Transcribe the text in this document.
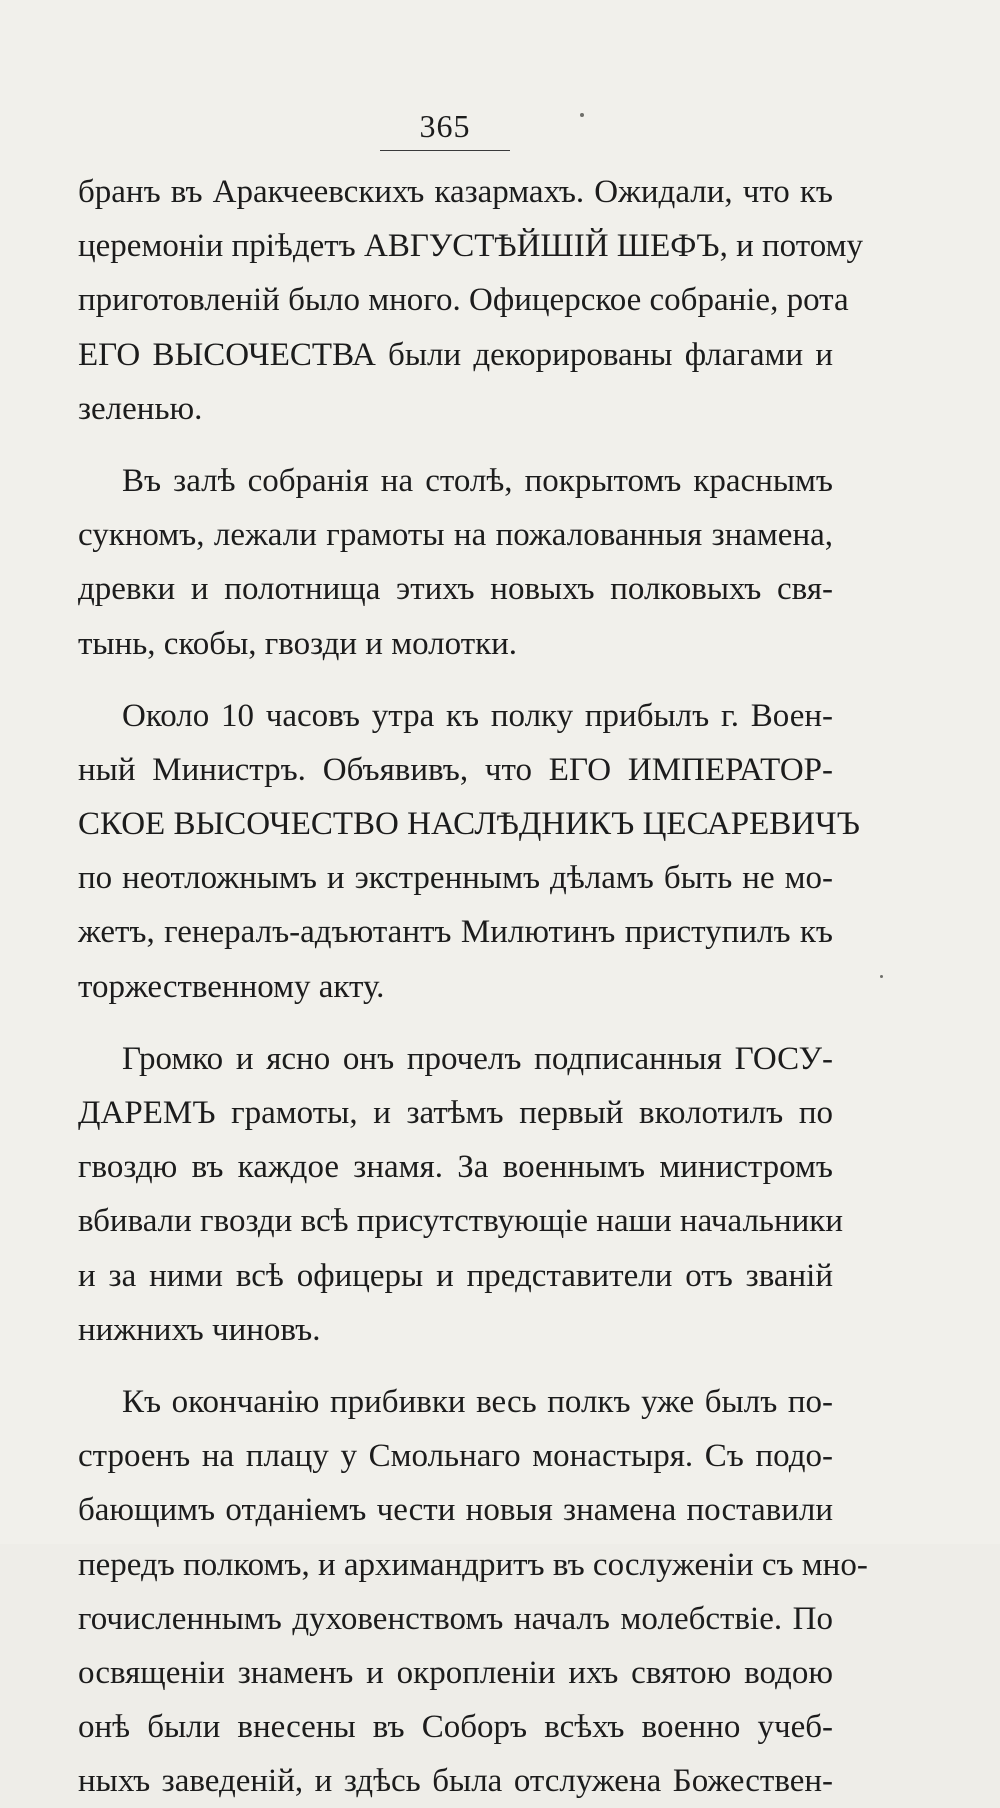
365
бранъ въ Аракчеевскихъ казармахъ. Ожидали, что къ
церемоніи пріѣдетъ АВГУСТѢЙШІЙ ШЕФЪ, и потому
приготовленій было много. Офицерское собраніе, рота
ЕГО ВЫСОЧЕСТВА были декорированы флагами и
зеленью.
Въ залѣ собранія на столѣ, покрытомъ краснымъ
сукномъ, лежали грамоты на пожалованныя знамена,
древки и полотнища этихъ новыхъ полковыхъ свя-
тынь, скобы, гвозди и молотки.
Около 10 часовъ утра къ полку прибылъ г. Воен-
ный Министръ. Объявивъ, что ЕГО ИМПЕРАТОР-
СКОЕ ВЫСОЧЕСТВО НАСЛѢДНИКЪ ЦЕСАРЕВИЧЪ
по неотложнымъ и экстреннымъ дѣламъ быть не мо-
жетъ, генералъ-адъютантъ Милютинъ приступилъ къ
торжественному акту.
Громко и ясно онъ прочелъ подписанныя ГОСУ-
ДАРЕМЪ грамоты, и затѣмъ первый вколотилъ по
гвоздю въ каждое знамя. За военнымъ министромъ
вбивали гвозди всѣ присутствующіе наши начальники
и за ними всѣ офицеры и представители отъ званій
нижнихъ чиновъ.
Къ окончанію прибивки весь полкъ уже былъ по-
строенъ на плацу у Смольнаго монастыря. Съ подо-
бающимъ отданіемъ чести новыя знамена поставили
передъ полкомъ, и архимандритъ въ сослуженіи съ мно-
гочисленнымъ духовенствомъ началъ молебствіе. По
освященіи знаменъ и окропленіи ихъ святою водою
онѣ были внесены въ Соборъ всѣхъ военно учеб-
ныхъ заведеній, и здѣсь была отслужена Божествен-
